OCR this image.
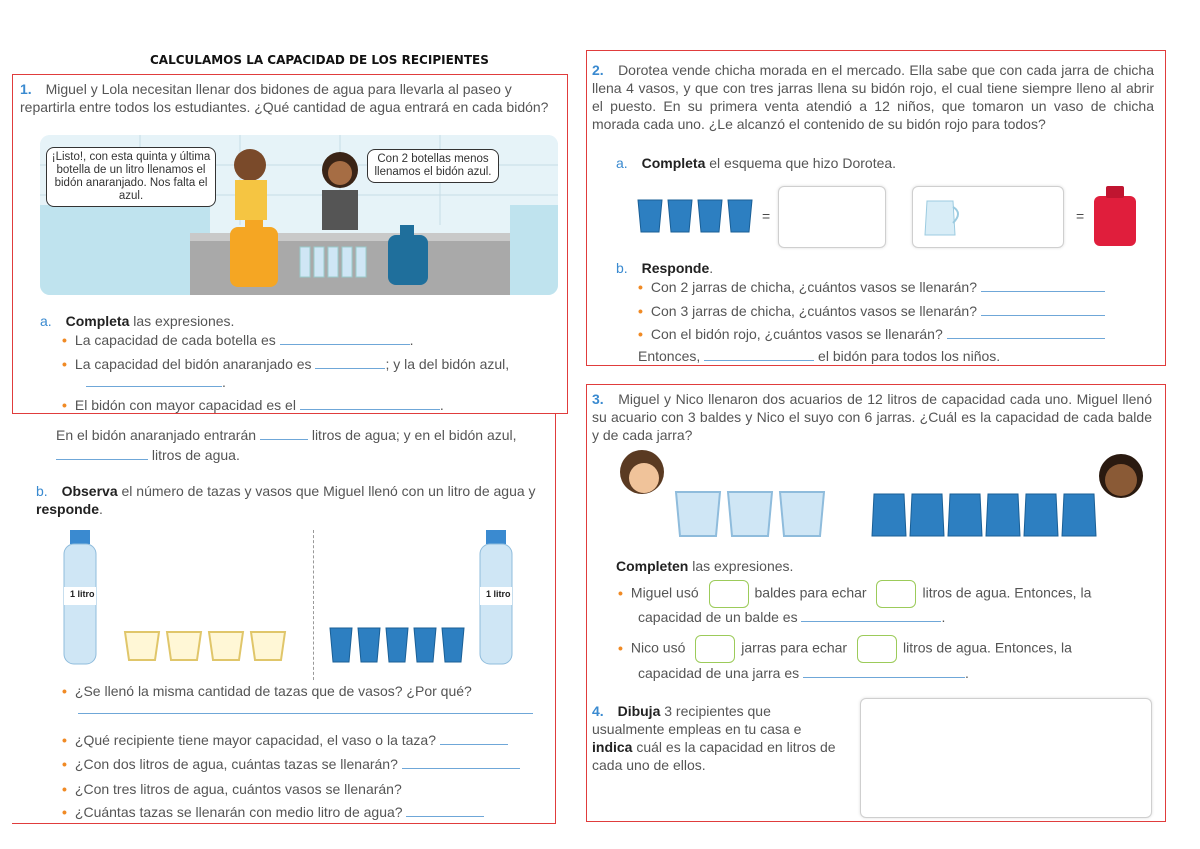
CALCULAMOS LA CAPACIDAD DE LOS RECIPIENTES
1. Miguel y Lola necesitan llenar dos bidones de agua para llevarla al paseo y repartirla entre todos los estudiantes. ¿Qué cantidad de agua entrará en cada bidón?
¡Listo!, con esta quinta y última botella de un litro llenamos el bidón anaranjado. Nos falta el azul.
Con 2 botellas menos llenamos el bidón azul.
a. Completa las expresiones.
• La capacidad de cada botella es	.
• La capacidad del bidón anaranjado es	; y la del bidón azul,
.
• El bidón con mayor capacidad es el	.
En el bidón anaranjado entrarán	litros de agua; y en el bidón azul,
litros de agua.
b. Observa el número de tazas y vasos que Miguel llenó con un litro de agua y responde.
1 litro	1 litro
• ¿Se llenó la misma cantidad de tazas que de vasos? ¿Por qué?
• ¿Qué recipiente tiene mayor capacidad, el vaso o la taza?
• ¿Con dos litros de agua, cuántas tazas se llenarán?
• ¿Con tres litros de agua, cuántos vasos se llenarán?
• ¿Cuántas tazas se llenarán con medio litro de agua?
2. Dorotea vende chicha morada en el mercado. Ella sabe que con cada jarra de chicha llena 4 vasos, y que con tres jarras llena su bidón rojo, el cual tiene siempre lleno al abrir el puesto. En su primera venta atendió a 12 niños, que tomaron un vaso de chicha morada cada uno. ¿Le alcanzó el contenido de su bidón rojo para todos?
a. Completa el esquema que hizo Dorotea.
=	=
b. Responde.
• Con 2 jarras de chicha, ¿cuántos vasos se llenarán?
• Con 3 jarras de chicha, ¿cuántos vasos se llenarán?
• Con el bidón rojo, ¿cuántos vasos se llenarán?
Entonces,	el bidón para todos los niños.
3. Miguel y Nico llenaron dos acuarios de 12 litros de capacidad cada uno. Miguel llenó su acuario con 3 baldes y Nico el suyo con 6 jarras. ¿Cuál es la capacidad de cada balde y de cada jarra?
Completen las expresiones.
• Miguel usó	baldes para echar	litros de agua. Entonces, la
capacidad de un balde es	.
• Nico usó	jarras para echar	litros de agua. Entonces, la
capacidad de una jarra es	.
4. Dibuja 3 recipientes que usualmente empleas en tu casa e indica cuál es la capacidad en litros de cada uno de ellos.
